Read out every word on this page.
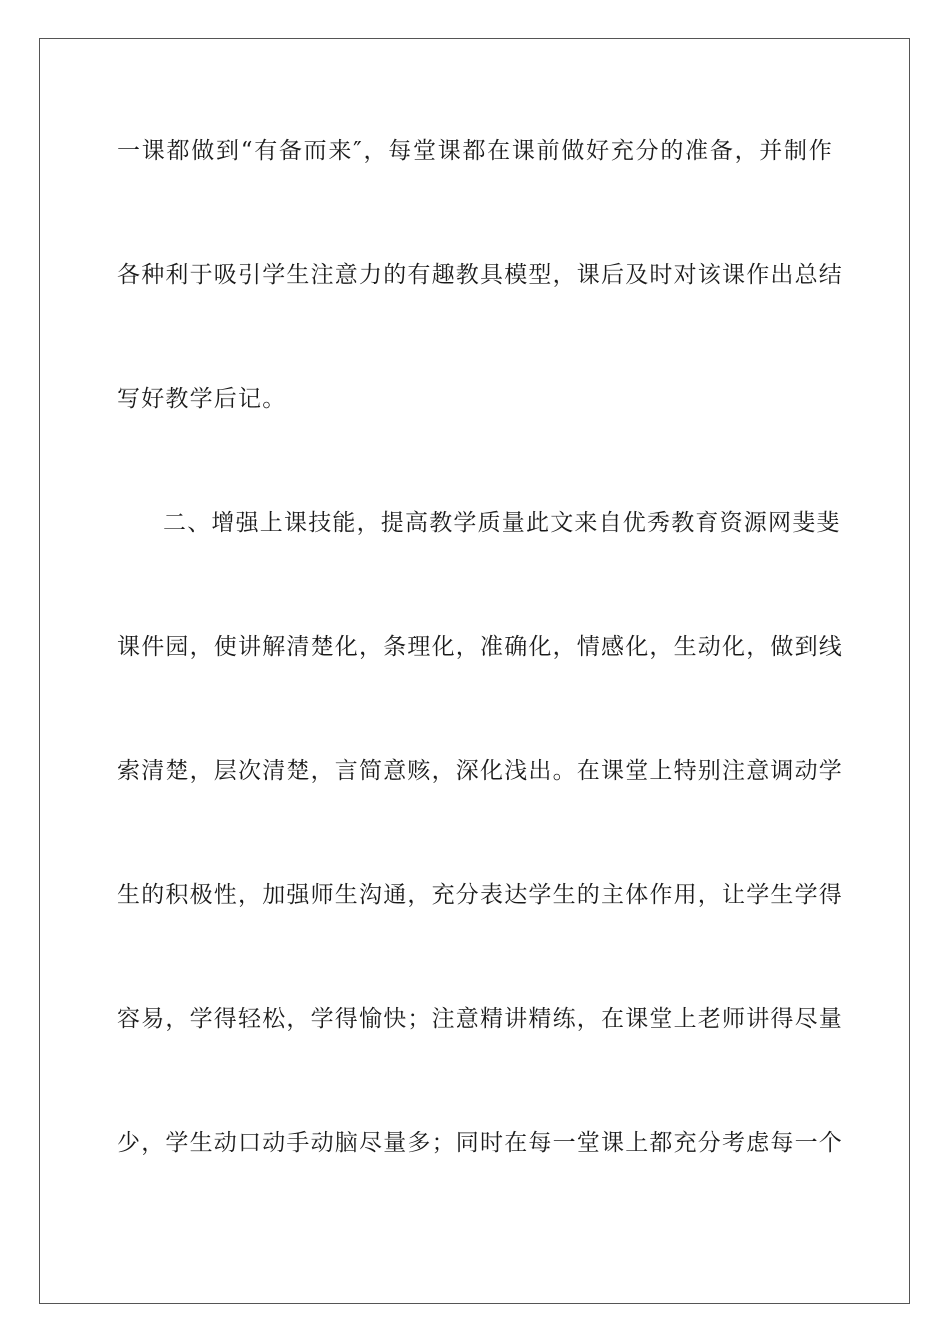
一课都做到“有备而来″，每堂课都在课前做好充分的准备，并制作
各种利于吸引学生注意力的有趣教具模型，课后及时对该课作出总结
写好教学后记。
二、增强上课技能，提高教学质量此文来自优秀教育资源网斐斐
课件园，使讲解清楚化，条理化，准确化，情感化，生动化，做到线
索清楚，层次清楚，言简意赅，深化浅出。在课堂上特别注意调动学
生的积极性，加强师生沟通，充分表达学生的主体作用，让学生学得
容易，学得轻松，学得愉快；注意精讲精练，在课堂上老师讲得尽量
少，学生动口动手动脑尽量多；同时在每一堂课上都充分考虑每一个
